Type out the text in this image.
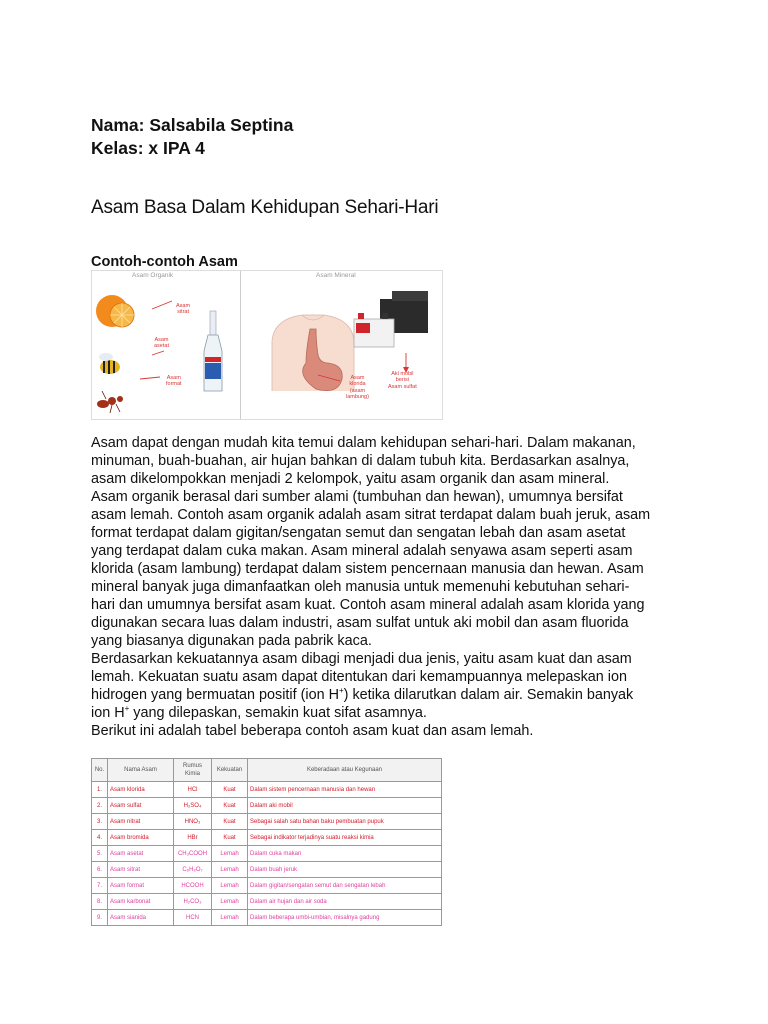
Nama: Salsabila Septina

Kelas: x IPA 4

Asam Basa Dalam Kehidupan Sehari-Hari
Contoh-contoh Asam
Asam Organik	Asam Mineral
Asam
sitrat
Asam
asetat
Asam
format
Asam
klorida
(asam
lambung)
Aki mobil
berisi
Asam sulfat
Asam dapat dengan mudah kita temui dalam kehidupan sehari-hari. Dalam makanan,
minuman, buah-buahan, air hujan bahkan di dalam tubuh kita. Berdasarkan asalnya,
asam dikelompokkan menjadi 2 kelompok, yaitu asam organik dan asam mineral.
Asam organik berasal dari sumber alami (tumbuhan dan hewan), umumnya bersifat
asam lemah. Contoh asam organik adalah asam sitrat terdapat dalam buah jeruk, asam
format terdapat dalam gigitan/sengatan semut dan sengatan lebah dan asam asetat
yang terdapat dalam cuka makan. Asam mineral adalah senyawa asam seperti asam
klorida (asam lambung) terdapat dalam sistem pencernaan manusia dan hewan. Asam
mineral banyak juga dimanfaatkan oleh manusia untuk memenuhi kebutuhan sehari-
hari dan umumnya bersifat asam kuat. Contoh asam mineral adalah asam klorida yang
digunakan secara luas dalam industri, asam sulfat untuk aki mobil dan asam fluorida
yang biasanya digunakan pada pabrik kaca.
Berdasarkan kekuatannya asam dibagi menjadi dua jenis, yaitu asam kuat dan asam
lemah. Kekuatan suatu asam dapat ditentukan dari kemampuannya melepaskan ion
hidrogen yang bermuatan positif (ion H+) ketika dilarutkan dalam air. Semakin banyak
ion H+ yang dilepaskan, semakin kuat sifat asamnya.
Berikut ini adalah tabel beberapa contoh asam kuat dan asam lemah.
No.	Nama Asam	Rumus Kimia	Kekuatan	Keberadaan atau Kegunaan
1.	Asam klorida	HCl	Kuat	Dalam sistem pencernaan manusia dan hewan
2.	Asam sulfat	H₂SO₄	Kuat	Dalam aki mobil
3.	Asam nitrat	HNO₃	Kuat	Sebagai salah satu bahan baku pembuatan pupuk
4.	Asam bromida	HBr	Kuat	Sebagai indikator terjadinya suatu reaksi kimia
5.	Asam asetat	CH₃COOH	Lemah	Dalam cuka makan
6.	Asam sitrat	C₆H₈O₇	Lemah	Dalam buah jeruk
7.	Asam format	HCOOH	Lemah	Dalam gigitan/sengatan semut dan sengatan lebah
8.	Asam karbonat	H₂CO₃	Lemah	Dalam air hujan dan air soda
9.	Asam sianida	HCN	Lemah	Dalam beberapa umbi-umbian, misalnya gadung
